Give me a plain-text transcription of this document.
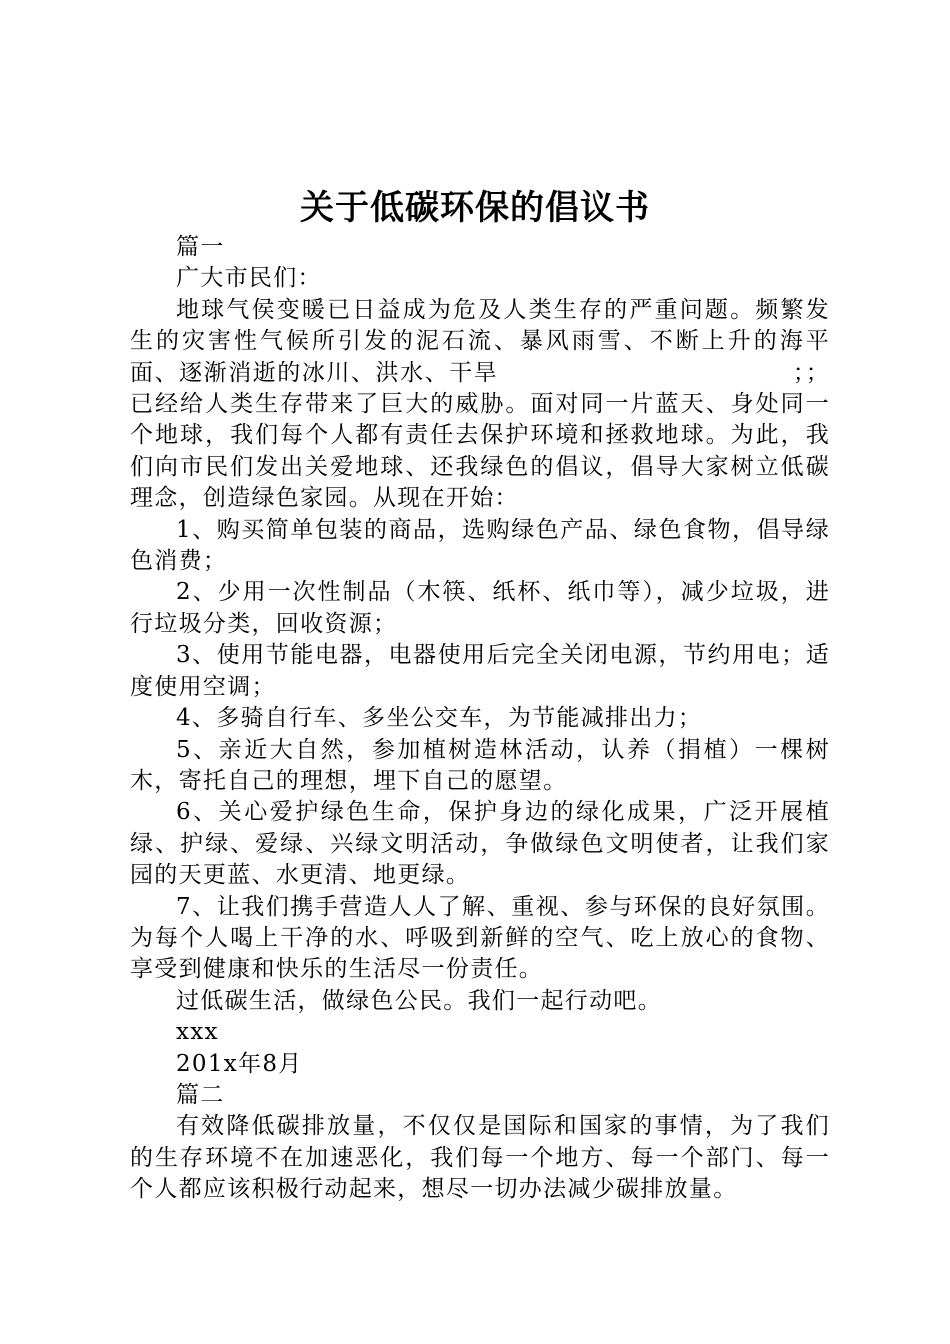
关于低碳环保的倡议书

篇一

广大市民们：

地球气侯变暖已日益成为危及人类生存的严重问题。频繁发生的灾害性气候所引发的泥石流、暴风雨雪、不断上升的海平面、逐渐消逝的冰川、洪水、干旱　　　　　　　　　　　　；；已经给人类生存带来了巨大的威胁。面对同一片蓝天、身处同一个地球，我们每个人都有责任去保护环境和拯救地球。为此，我们向市民们发出关爱地球、还我绿色的倡议，倡导大家树立低碳理念，创造绿色家园。从现在开始：

1、购买简单包装的商品，选购绿色产品、绿色食物，倡导绿色消费；

2、少用一次性制品（木筷、纸杯、纸巾等），减少垃圾，进行垃圾分类，回收资源；

3、使用节能电器，电器使用后完全关闭电源，节约用电；适度使用空调；

4、多骑自行车、多坐公交车，为节能减排出力；

5、亲近大自然，参加植树造林活动，认养（捐植）一棵树木，寄托自己的理想，埋下自己的愿望。

6、关心爱护绿色生命，保护身边的绿化成果，广泛开展植绿、护绿、爱绿、兴绿文明活动，争做绿色文明使者，让我们家园的天更蓝、水更清、地更绿。

7、让我们携手营造人人了解、重视、参与环保的良好氛围。为每个人喝上干净的水、呼吸到新鲜的空气、吃上放心的食物、享受到健康和快乐的生活尽一份责任。

过低碳生活，做绿色公民。我们一起行动吧。

xxx

201x年8月

篇二

有效降低碳排放量，不仅仅是国际和国家的事情，为了我们的生存环境不在加速恶化，我们每一个地方、每一个部门、每一个人都应该积极行动起来，想尽一切办法减少碳排放量。
